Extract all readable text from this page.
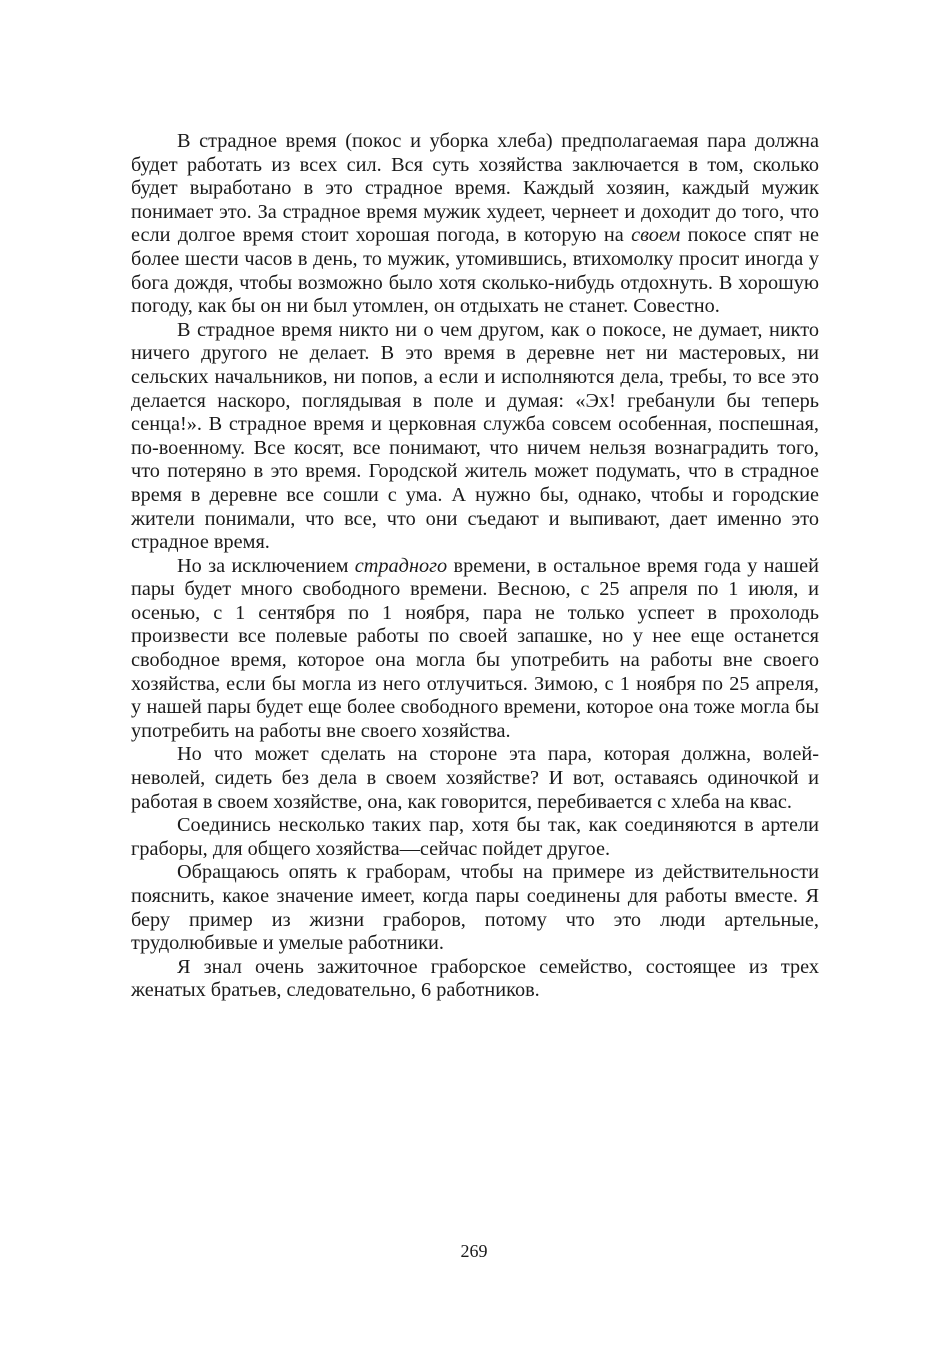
В страдное время (покос и уборка хлеба) предполагаемая пара должна будет работать из всех сил. Вся суть хозяйства заключается в том, сколько будет выработано в это страдное время. Каждый хозяин, каждый мужик понимает это. За страдное время мужик худеет, чернеет и доходит до того, что если долгое время стоит хорошая погода, в которую на своем покосе спят не более шести часов в день, то мужик, утомившись, втихомолку просит иногда у бога дождя, чтобы возможно было хотя сколько-нибудь отдохнуть. В хорошую погоду, как бы он ни был утомлен, он отдыхать не станет. Совестно.

В страдное время никто ни о чем другом, как о покосе, не думает, никто ничего другого не делает. В это время в деревне нет ни мастеровых, ни сельских начальников, ни попов, а если и исполняются дела, требы, то все это делается наскоро, поглядывая в поле и думая: «Эх! гребанули бы теперь сенца!». В страдное время и церковная служба совсем особенная, поспешная, по-военному. Все косят, все понимают, что ничем нельзя вознаградить того, что потеряно в это время. Городской житель может подумать, что в страдное время в деревне все сошли с ума. А нужно бы, однако, чтобы и городские жители понимали, что все, что они съедают и выпивают, дает именно это страдное время.

Но за исключением страдного времени, в остальное время года у нашей пары будет много свободного времени. Весною, с 25 апреля по 1 июля, и осенью, с 1 сентября по 1 ноября, пара не только успеет в прохолодь произвести все полевые работы по своей запашке, но у нее еще останется свободное время, которое она могла бы употребить на работы вне своего хозяйства, если бы могла из него отлучиться. Зимою, с 1 ноября по 25 апреля, у нашей пары будет еще более свободного времени, которое она тоже могла бы употребить на работы вне своего хозяйства.

Но что может сделать на стороне эта пара, которая должна, волей-неволей, сидеть без дела в своем хозяйстве? И вот, оставаясь одиночкой и работая в своем хозяйстве, она, как говорится, перебивается с хлеба на квас.

Соединись несколько таких пар, хотя бы так, как соединяются в артели граборы, для общего хозяйства—сейчас пойдет другое.

Обращаюсь опять к граборам, чтобы на примере из действительности пояснить, какое значение имеет, когда пары соединены для работы вместе. Я беру пример из жизни граборов, потому что это люди артельные, трудолюбивые и умелые работники.

Я знал очень зажиточное граборское семейство, состоящее из трех женатых братьев, следовательно, 6 работников.

269
